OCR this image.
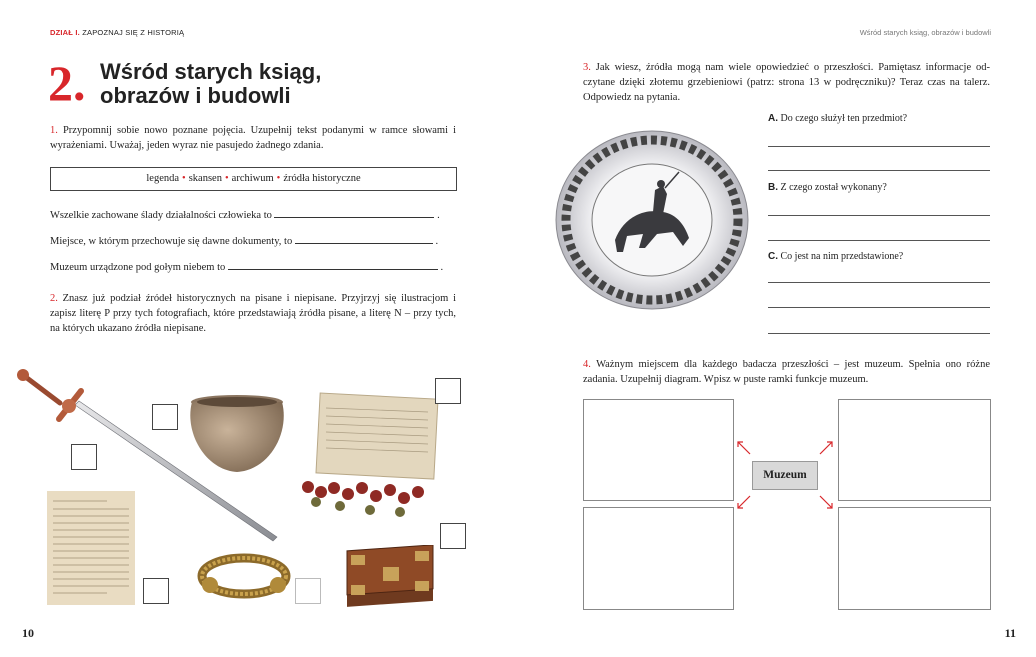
DZIAŁ I. ZAPOZNAJ SIĘ Z HISTORIĄ	Wśród starych ksiąg, obrazów i budowli
2. Wśród starych ksiąg,
obrazów i budowli
1. Przypomnij sobie nowo poznane pojęcia. Uzupełnij tekst podanymi w ramce słowami i wyrażeniami. Uważaj, jeden wyraz nie pasujedo żadnego zdania.
legenda • skansen • archiwum • źródła historyczne
Wszelkie zachowane ślady działalności człowieka to	.
Miejsce, w którym przechowuje się dawne dokumenty, to	.
Muzeum urządzone pod gołym niebem to	.
2. Znasz już podział źródeł historycznych na pisane i niepisane. Przyjrzyj się ilustracjom i zapisz literę P przy tych fotografiach, które przedstawiają źródła pisane, a literę N – przy tych, na których ukazano źródła niepisane.
3. Jak wiesz, źródła mogą nam wiele opowiedzieć o przeszłości. Pamiętasz informacje odczytane dzięki złotemu grzebieniowi (patrz: strona 13 w podręczniku)? Teraz czas na talerz. Odpowiedz na pytania.
A. Do czego służył ten przedmiot?
B. Z czego został wykonany?
C. Co jest na nim przedstawione?
4. Ważnym miejscem dla każdego badacza przeszłości – jest muzeum. Spełnia ono różne zadania. Uzupełnij diagram. Wpisz w puste ramki funkcje muzeum.
Muzeum
10	11
